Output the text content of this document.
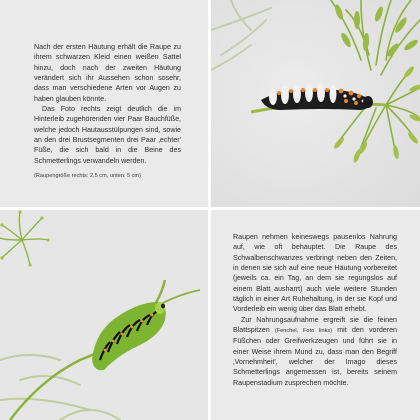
Nach der ersten Häutung erhält die Raupe zu ihrem schwarzen Kleid einen weißen Sattel hinzu, doch nach der zweiten Häutung verändert sich ihr Aussehen schon sosehr, dass man verschiedene Arten vor Augen zu haben glauben könnte.

Das Foto rechts zeigt deutlich die im Hinterleib zugehörenden vier Paar Bauchfüße, welche jedoch Hautausstülpungen sind, sowie an den drei Brustsegmenten drei Paar ‚echter' Füße, die sich bald in die Beine des Schmetterlings verwandeln werden.

(Raupengröße rechts: 2,5 cm, unten: 5 cm)

Raupen nehmen keineswegs pausenlos Nahrung auf, wie oft behauptet. Die Raupe des Schwalbenschwanzes verbringt neben den Zeiten, in denen sie sich auf eine neue Häutung vorbereitet (jeweils ca. ein Tag, an dem sie regungslos auf einem Blatt ausharrt) auch viele weitere Stunden täglich in einer Art Ruhehaltung, in der sie Kopf und Vorderleib ein wenig über das Blatt erhebt.

Zur Nahrungsaufnahme ergreift sie die feinen Blattspitzen (Fenchel, Foto links) mit den vorderen Füßchen oder Greifwerkzeugen und führt sie in einer Weise ihrem Mund zu, dass man den Begriff ‚Vornehmheit', welcher der Imago dieses Schmetterlings angemessen ist, bereits seinem Raupenstadium zusprechen möchte.
